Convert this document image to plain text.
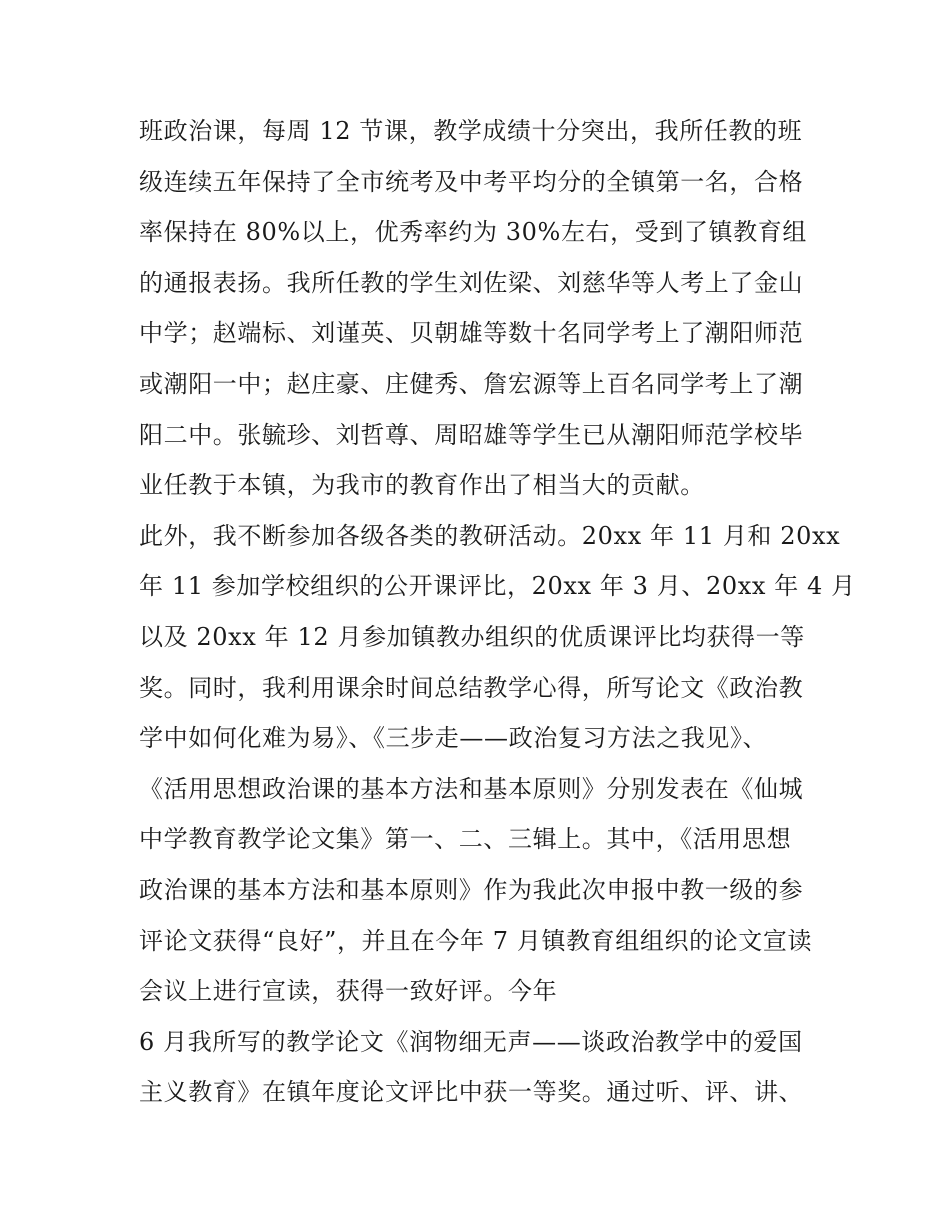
班政治课，每周 12 节课，教学成绩十分突出，我所任教的班
级连续五年保持了全市统考及中考平均分的全镇第一名，合格
率保持在 80%以上，优秀率约为 30%左右，受到了镇教育组
的通报表扬。我所任教的学生刘佐梁、刘慈华等人考上了金山
中学；赵端标、刘谨英、贝朝雄等数十名同学考上了潮阳师范
或潮阳一中；赵庄豪、庄健秀、詹宏源等上百名同学考上了潮
阳二中。张毓珍、刘哲尊、周昭雄等学生已从潮阳师范学校毕
业任教于本镇，为我市的教育作出了相当大的贡献。
此外，我不断参加各级各类的教研活动。20xx 年 11 月和 20xx
年 11 参加学校组织的公开课评比，20xx 年 3 月、20xx 年 4 月
以及 20xx 年 12 月参加镇教办组织的优质课评比均获得一等
奖。同时，我利用课余时间总结教学心得，所写论文《政治教
学中如何化难为易》、《三步走——政治复习方法之我见》、
《活用思想政治课的基本方法和基本原则》分别发表在《仙城
中学教育教学论文集》第一、二、三辑上。其中，《活用思想
政治课的基本方法和基本原则》作为我此次申报中教一级的参
评论文获得“良好”，并且在今年 7 月镇教育组组织的论文宣读
会议上进行宣读，获得一致好评。今年
6 月我所写的教学论文《润物细无声——谈政治教学中的爱国
主义教育》在镇年度论文评比中获一等奖。通过听、评、讲、
